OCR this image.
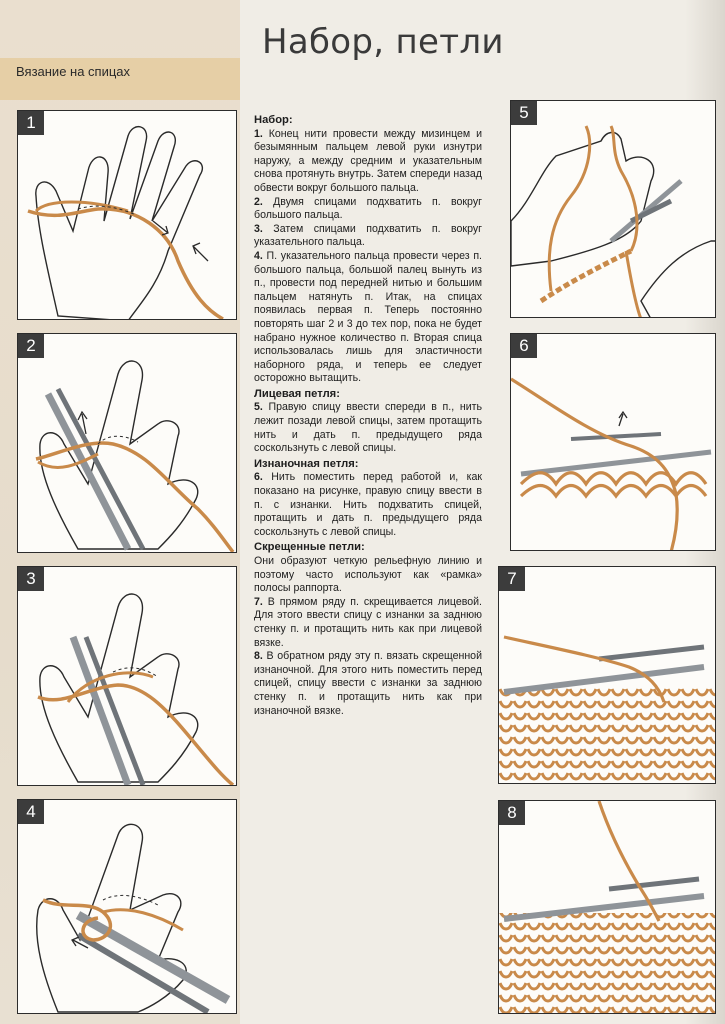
Вязание на спицах
Набор, петли
1
2
3
4
5
6
7
8

Набор:

1. Конец нити провести между мизинцем и безымянным пальцем левой руки изнутри наружу, а между средним и указательным снова протянуть внутрь. Затем спереди назад обвести вокруг большого пальца.

2. Двумя спицами подхватить п. вокруг большого пальца.

3. Затем спицами подхватить п. вокруг указательного пальца.

4. П. указательного пальца провести через п. большого пальца, большой палец вынуть из п., провести под передней нитью и большим пальцем натянуть п. Итак, на спицах появилась первая п. Теперь постоянно повторять шаг 2 и 3 до тех пор, пока не будет набрано нужное количество п. Вторая спица использовалась лишь для эластичности наборного ряда, и теперь ее следует осторожно вытащить.

Лицевая петля:

5. Правую спицу ввести спереди в п., нить лежит позади левой спицы, затем протащить нить и дать п. предыдущего ряда соскользнуть с левой спицы.

Изнаночная петля:

6. Нить поместить перед работой и, как показано на рисунке, правую спицу ввести в п. с изнанки. Нить подхватить спицей, протащить и дать п. предыдущего ряда соскользнуть с левой спицы.

Скрещенные петли:

Они образуют четкую рельефную линию и поэтому часто используют как «рамка» полосы раппорта.

7. В прямом ряду п. скрещивается лицевой. Для этого ввести спицу с изнанки за заднюю стенку п. и протащить нить как при лицевой вязке.

8. В обратном ряду эту п. вязать скрещенной изнаночной. Для этого нить поместить перед спицей, спицу ввести с изнанки за заднюю стенку п. и протащить нить как при изнаночной вязке.
